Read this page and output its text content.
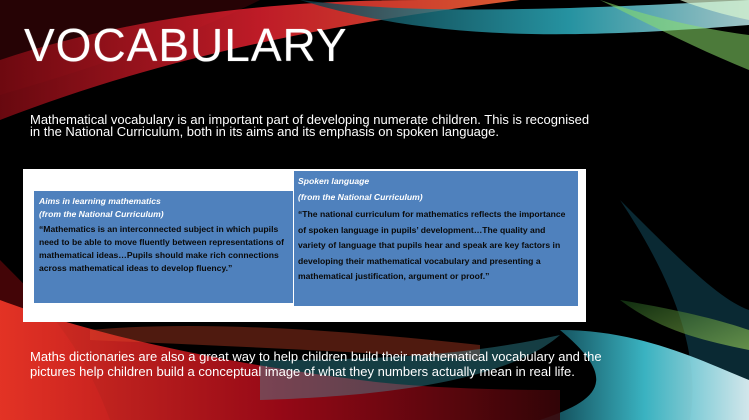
VOCABULARY
Mathematical vocabulary is an important part of developing numerate children. This is recognised in the National Curriculum, both in its aims and its emphasis on spoken language.
Aims in learning mathematics
(from the National Curriculum)
“Mathematics is an interconnected subject in which pupils need to be able to move fluently between representations of mathematical ideas…Pupils should make rich connections across mathematical ideas to develop fluency.”
Spoken language
(from the National Curriculum)
“The national curriculum for mathematics reflects the importance of spoken language in pupils’ development…The quality and variety of language that pupils hear and speak are key factors in developing their mathematical vocabulary and presenting a mathematical justification, argument or proof.”
Maths dictionaries are also a great way to help children build their mathematical vocabulary and the pictures help children build a conceptual image of what they numbers actually mean in real life.
